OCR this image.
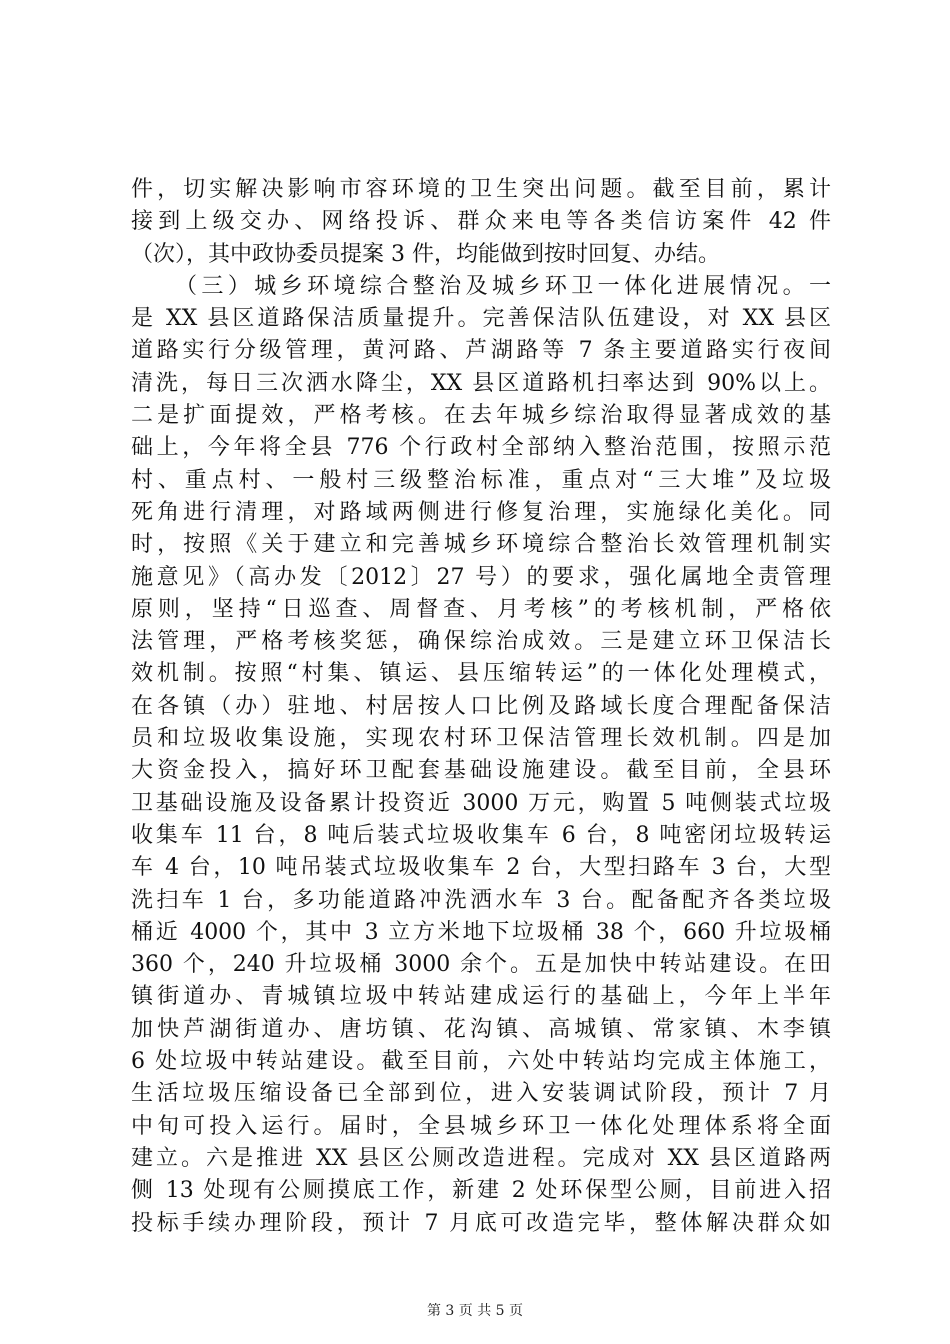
件，切实解决影响市容环境的卫生突出问题。截至目前，累计
接到上级交办、网络投诉、群众来电等各类信访案件 42 件
（次），其中政协委员提案 3 件，均能做到按时回复、办结。
（三）城乡环境综合整治及城乡环卫一体化进展情况。一
是 XX 县区道路保洁质量提升。完善保洁队伍建设，对 XX 县区
道路实行分级管理，黄河路、芦湖路等 7 条主要道路实行夜间
清洗，每日三次洒水降尘，XX 县区道路机扫率达到 90%以上。
二是扩面提效，严格考核。在去年城乡综治取得显著成效的基
础上，今年将全县 776 个行政村全部纳入整治范围，按照示范
村、重点村、一般村三级整治标准，重点对“三大堆”及垃圾
死角进行清理，对路域两侧进行修复治理，实施绿化美化。同
时，按照《关于建立和完善城乡环境综合整治长效管理机制实
施意见》（高办发〔2012〕27 号）的要求，强化属地全责管理
原则，坚持“日巡查、周督查、月考核”的考核机制，严格依
法管理，严格考核奖惩，确保综治成效。三是建立环卫保洁长
效机制。按照“村集、镇运、县压缩转运”的一体化处理模式，
在各镇（办）驻地、村居按人口比例及路域长度合理配备保洁
员和垃圾收集设施，实现农村环卫保洁管理长效机制。四是加
大资金投入，搞好环卫配套基础设施建设。截至目前，全县环
卫基础设施及设备累计投资近 3000 万元，购置 5 吨侧装式垃圾
收集车 11 台，8 吨后装式垃圾收集车 6 台，8 吨密闭垃圾转运
车 4 台，10 吨吊装式垃圾收集车 2 台，大型扫路车 3 台，大型
洗扫车 1 台，多功能道路冲洗洒水车 3 台。配备配齐各类垃圾
桶近 4000 个，其中 3 立方米地下垃圾桶 38 个，660 升垃圾桶
360 个，240 升垃圾桶 3000 余个。五是加快中转站建设。在田
镇街道办、青城镇垃圾中转站建成运行的基础上，今年上半年
加快芦湖街道办、唐坊镇、花沟镇、高城镇、常家镇、木李镇
6 处垃圾中转站建设。截至目前，六处中转站均完成主体施工，
生活垃圾压缩设备已全部到位，进入安装调试阶段，预计 7 月
中旬可投入运行。届时，全县城乡环卫一体化处理体系将全面
建立。六是推进 XX 县区公厕改造进程。完成对 XX 县区道路两
侧 13 处现有公厕摸底工作，新建 2 处环保型公厕，目前进入招
投标手续办理阶段，预计 7 月底可改造完毕，整体解决群众如
第 3 页 共 5 页
